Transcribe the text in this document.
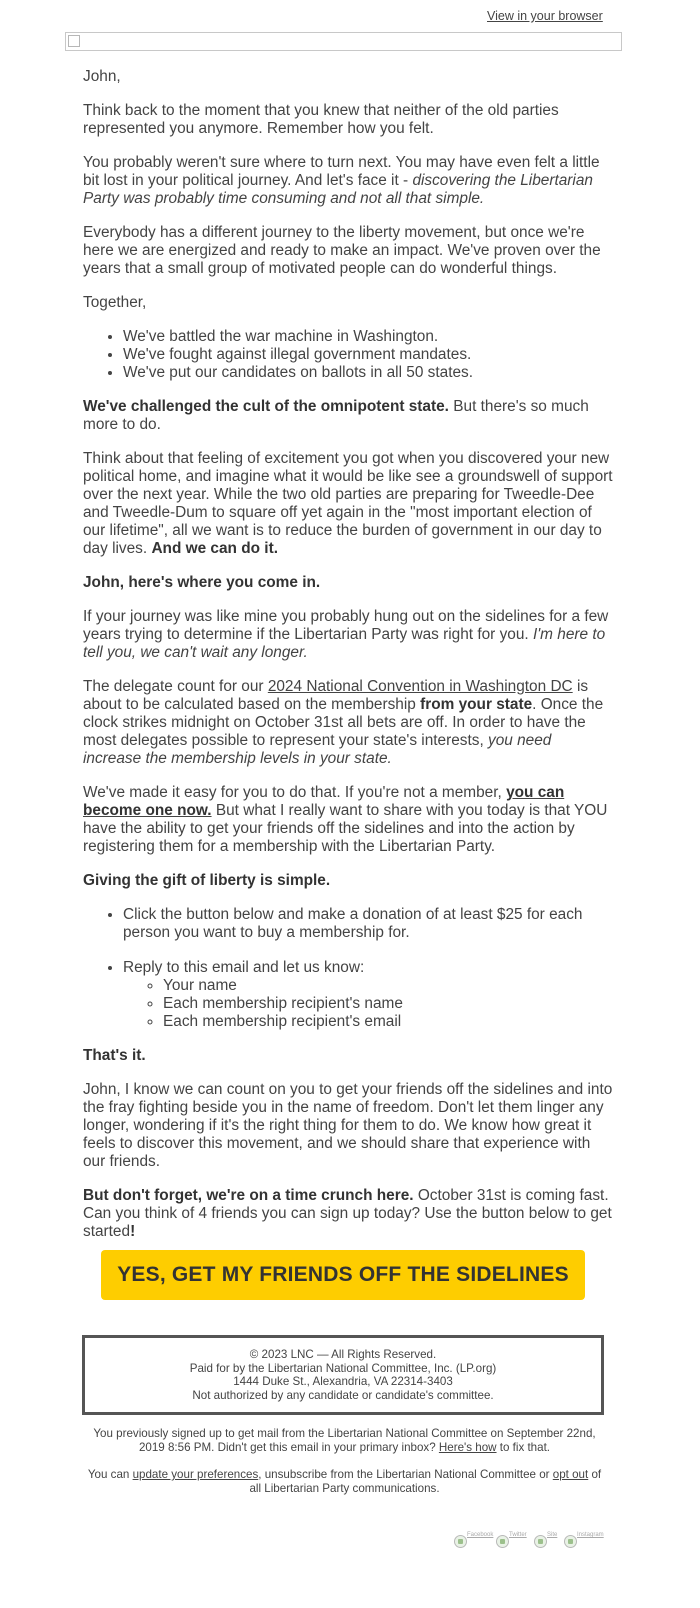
View in your browser

John,

Think back to the moment that you knew that neither of the old parties represented you anymore. Remember how you felt.

You probably weren't sure where to turn next. You may have even felt a little bit lost in your political journey. And let's face it - discovering the Libertarian Party was probably time consuming and not all that simple.

Everybody has a different journey to the liberty movement, but once we're here we are energized and ready to make an impact. We've proven over the years that a small group of motivated people can do wonderful things.

Together,

• We've battled the war machine in Washington.
• We've fought against illegal government mandates.
• We've put our candidates on ballots in all 50 states.

We've challenged the cult of the omnipotent state. But there's so much more to do.

Think about that feeling of excitement you got when you discovered your new political home, and imagine what it would be like see a groundswell of support over the next year. While the two old parties are preparing for Tweedle-Dee and Tweedle-Dum to square off yet again in the "most important election of our lifetime", all we want is to reduce the burden of government in our day to day lives. And we can do it.

John, here's where you come in.

If your journey was like mine you probably hung out on the sidelines for a few years trying to determine if the Libertarian Party was right for you. I'm here to tell you, we can't wait any longer.

The delegate count for our 2024 National Convention in Washington DC is about to be calculated based on the membership from your state. Once the clock strikes midnight on October 31st all bets are off. In order to have the most delegates possible to represent your state's interests, you need increase the membership levels in your state.

We've made it easy for you to do that. If you're not a member, you can become one now. But what I really want to share with you today is that YOU have the ability to get your friends off the sidelines and into the action by registering them for a membership with the Libertarian Party.

Giving the gift of liberty is simple.

• Click the button below and make a donation of at least $25 for each person you want to buy a membership for.
• Reply to this email and let us know:
◦ Your name
◦ Each membership recipient's name
◦ Each membership recipient's email

That's it.

John, I know we can count on you to get your friends off the sidelines and into the fray fighting beside you in the name of freedom. Don't let them linger any longer, wondering if it's the right thing for them to do. We know how great it feels to discover this movement, and we should share that experience with our friends.

But don't forget, we're on a time crunch here. October 31st is coming fast. Can you think of 4 friends you can sign up today? Use the button below to get started!

YES, GET MY FRIENDS OFF THE SIDELINES
© 2023 LNC — All Rights Reserved.
Paid for by the Libertarian National Committee, Inc. (LP.org)
1444 Duke St., Alexandria, VA 22314-3403
Not authorized by any candidate or candidate's committee.
You previously signed up to get mail from the Libertarian National Committee on September 22nd, 2019 8:56 PM. Didn't get this email in your primary inbox? Here's how to fix that.
You can update your preferences, unsubscribe from the Libertarian National Committee or opt out of all Libertarian Party communications.
Facebook	Twitter	Site	Instagram
